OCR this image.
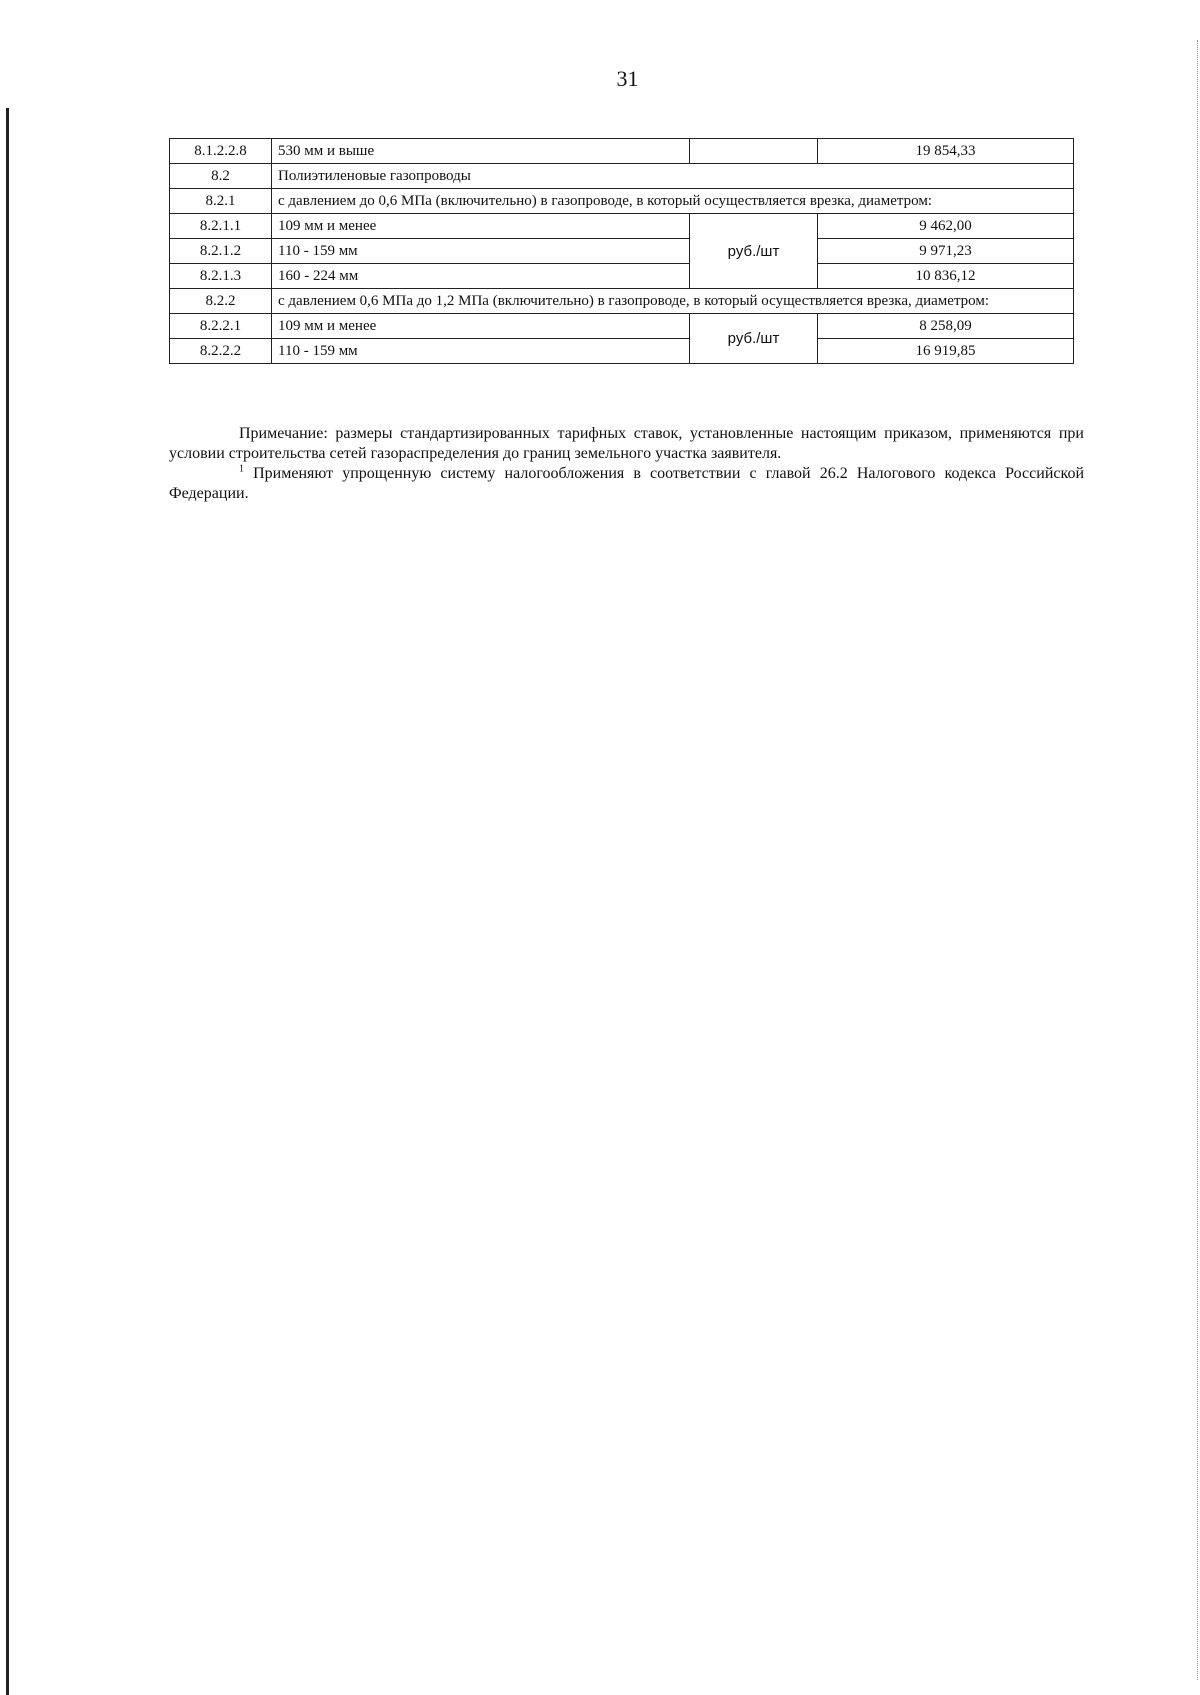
31
8.1.2.2.8	530 мм и выше		19 854,33
8.2	Полиэтиленовые газопроводы		
8.2.1	с давлением до 0,6 МПа (включительно) в газопроводе, в который осуществляется врезка, диаметром:		
8.2.1.1	109 мм и менее	руб./шт	9 462,00
8.2.1.2	110 - 159 мм		9 971,23
8.2.1.3	160 - 224 мм		10 836,12
8.2.2	с давлением 0,6 МПа до 1,2 МПа (включительно) в газопроводе, в который осуществляется врезка, диаметром:		
8.2.2.1	109 мм и менее	руб./шт	8 258,09
8.2.2.2	110 - 159 мм		16 919,85

Примечание: размеры стандартизированных тарифных ставок, установленные настоящим приказом, применяются при условии строительства сетей газораспределения до границ земельного участка заявителя.

$^1$ Применяют упрощенную систему налогообложения в соответствии с главой 26.2 Налогового кодекса Российской Федерации.
